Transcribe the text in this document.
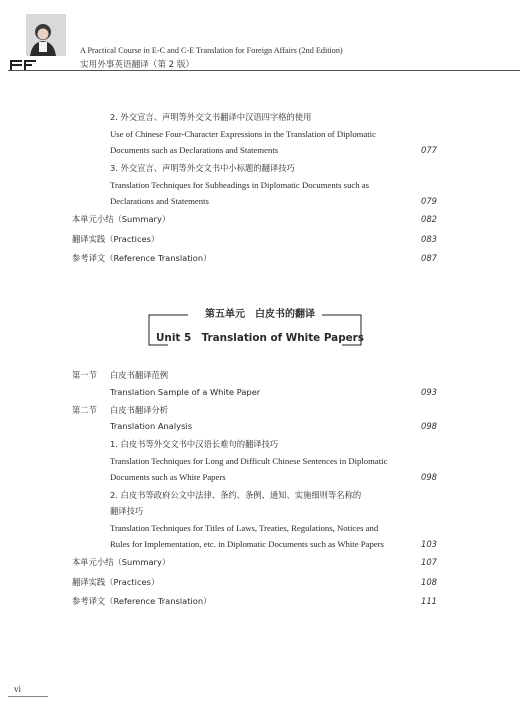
A Practical Course in E-C and C-E Translation for Foreign Affairs (2nd Edition)
实用外事英语翻译（第 2 版）
2. 外交宣言、声明等外交文书翻译中汉语四字格的使用
Use of Chinese Four-Character Expressions in the Translation of Diplomatic
Documents such as Declarations and Statements	077
3. 外交宣言、声明等外交文书中小标题的翻译技巧
Translation Techniques for Subheadings in Diplomatic Documents such as
Declarations and Statements	079
本单元小结（Summary）	082
翻译实践（Practices）	083
参考译文（Reference Translation）	087
第五单元　白皮书的翻译
Unit 5　Translation of White Papers
第一节 白皮书翻译范例
Translation Sample of a White Paper	093
第二节 白皮书翻译分析
Translation Analysis	098
1. 白皮书等外交文书中汉语长难句的翻译技巧
Translation Techniques for Long and Difficult Chinese Sentences in Diplomatic
Documents such as White Papers	098
2. 白皮书等政府公文中法律、条约、条例、通知、实施细则等名称的
翻译技巧
Translation Techniques for Titles of Laws, Treaties, Regulations, Notices and
Rules for Implementation, etc. in Diplomatic Documents such as White Papers	103
本单元小结（Summary）	107
翻译实践（Practices）	108
参考译文（Reference Translation）	111
vi
